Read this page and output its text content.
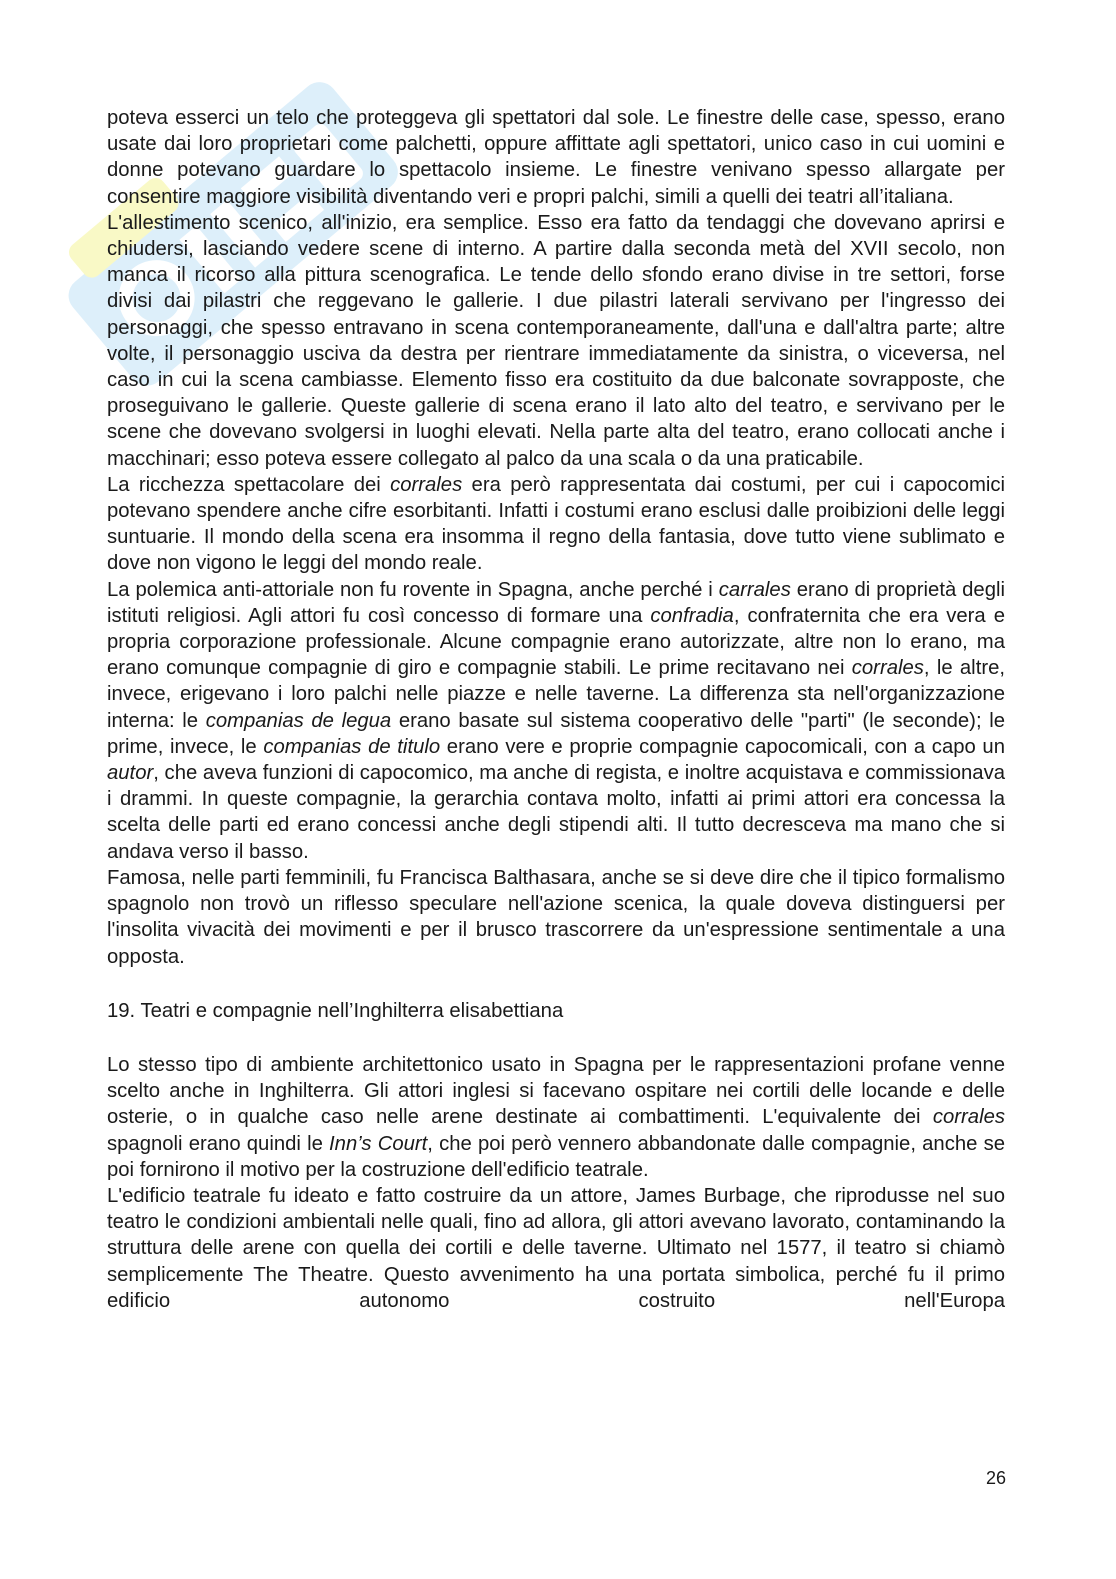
poteva esserci un telo che proteggeva gli spettatori dal sole. Le finestre delle case, spesso, erano usate dai loro proprietari come palchetti, oppure affittate agli spettatori, unico caso in cui uomini e donne potevano guardare lo spettacolo insieme. Le finestre venivano spesso allargate per consentire maggiore visibilità diventando veri e propri palchi, simili a quelli dei teatri all’italiana.

L'allestimento scenico, all'inizio, era semplice. Esso era fatto da tendaggi che dovevano aprirsi e chiudersi, lasciando vedere scene di interno. A partire dalla seconda metà del XVII secolo, non manca il ricorso alla pittura scenografica. Le tende dello sfondo erano divise in tre settori, forse divisi dai pilastri che reggevano le gallerie. I due pilastri laterali servivano per l'ingresso dei personaggi, che spesso entravano in scena contemporaneamente, dall'una e dall'altra parte; altre volte, il personaggio usciva da destra per rientrare immediatamente da sinistra, o viceversa, nel caso in cui la scena cambiasse. Elemento fisso era costituito da due balconate sovrapposte, che proseguivano le gallerie. Queste gallerie di scena erano il lato alto del teatro, e servivano per le scene che dovevano svolgersi in luoghi elevati. Nella parte alta del teatro, erano collocati anche i macchinari; esso poteva essere collegato al palco da una scala o da una praticabile.

La ricchezza spettacolare dei corrales era però rappresentata dai costumi, per cui i capocomici potevano spendere anche cifre esorbitanti. Infatti i costumi erano esclusi dalle proibizioni delle leggi suntuarie. Il mondo della scena era insomma il regno della fantasia, dove tutto viene sublimato e dove non vigono le leggi del mondo reale.

La polemica anti-attoriale non fu rovente in Spagna, anche perché i carrales erano di proprietà degli istituti religiosi. Agli attori fu così concesso di formare una confradia, confraternita che era vera e propria corporazione professionale. Alcune compagnie erano autorizzate, altre non lo erano, ma erano comunque compagnie di giro e compagnie stabili. Le prime recitavano nei corrales, le altre, invece, erigevano i loro palchi nelle piazze e nelle taverne. La differenza sta nell'organizzazione interna: le companias de legua erano basate sul sistema cooperativo delle "parti" (le seconde); le prime, invece, le companias de titulo erano vere e proprie compagnie capocomicali, con a capo un autor, che aveva funzioni di capocomico, ma anche di regista, e inoltre acquistava e commissionava i drammi. In queste compagnie, la gerarchia contava molto, infatti ai primi attori era concessa la scelta delle parti ed erano concessi anche degli stipendi alti. Il tutto decresceva ma mano che si andava verso il basso.

Famosa, nelle parti femminili, fu Francisca Balthasara, anche se si deve dire che il tipico formalismo spagnolo non trovò un riflesso speculare nell'azione scenica, la quale doveva distinguersi per l'insolita vivacità dei movimenti e per il brusco trascorrere da un'espressione sentimentale a una opposta.

19. Teatri e compagnie nell’Inghilterra elisabettiana

Lo stesso tipo di ambiente architettonico usato in Spagna per le rappresentazioni profane venne scelto anche in Inghilterra. Gli attori inglesi si facevano ospitare nei cortili delle locande e delle osterie, o in qualche caso nelle arene destinate ai combattimenti. L'equivalente dei corrales spagnoli erano quindi le Inn’s Court, che poi però vennero abbandonate dalle compagnie, anche se poi fornirono il motivo per la costruzione dell'edificio teatrale.

L'edificio teatrale fu ideato e fatto costruire da un attore, James Burbage, che riprodusse nel suo teatro le condizioni ambientali nelle quali, fino ad allora, gli attori avevano lavorato, contaminando la struttura delle arene con quella dei cortili e delle taverne. Ultimato nel 1577, il teatro si chiamò semplicemente The Theatre. Questo avvenimento ha una portata simbolica, perché fu il primo edificio autonomo costruito nell'Europa

26
